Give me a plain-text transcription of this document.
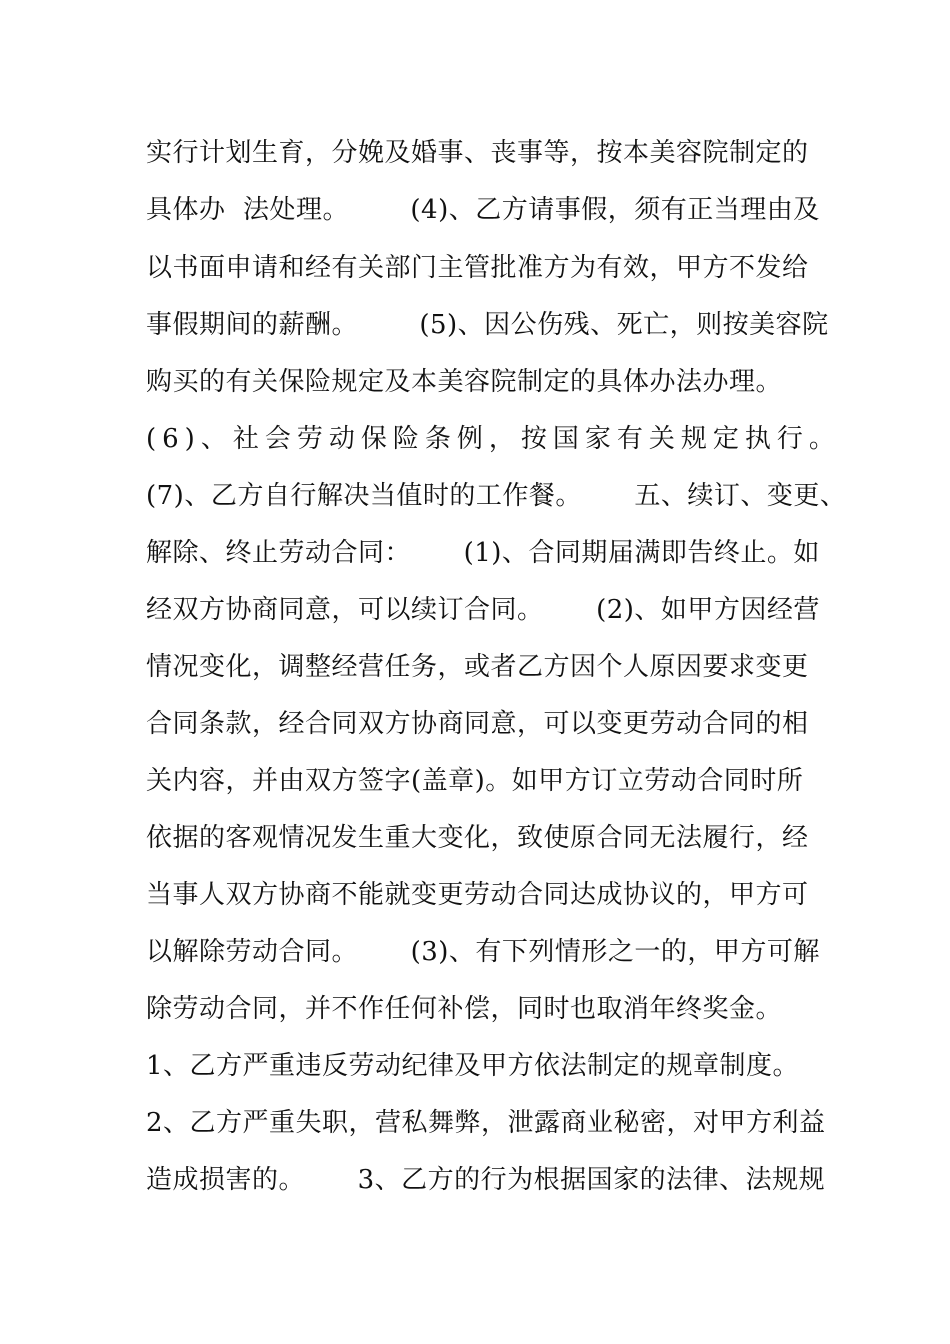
实行计划生育，分娩及婚事、丧事等，按本美容院制定的
具体办  法处理。       (4)、乙方请事假，须有正当理由及
以书面申请和经有关部门主管批准方为有效，甲方不发给
事假期间的薪酬。       (5)、因公伤残、死亡，则按美容院
购买的有关保险规定及本美容院制定的具体办法办理。
(6)、社会劳动保险条例，按国家有关规定执行。
(7)、乙方自行解决当值时的工作餐。      五、续订、变更、
解除、终止劳动合同：      (1)、合同期届满即告终止。如
经双方协商同意，可以续订合同。      (2)、如甲方因经营
情况变化，调整经营任务，或者乙方因个人原因要求变更
合同条款，经合同双方协商同意，可以变更劳动合同的相
关内容，并由双方签字(盖章)。如甲方订立劳动合同时所
依据的客观情况发生重大变化，致使原合同无法履行，经
当事人双方协商不能就变更劳动合同达成协议的，甲方可
以解除劳动合同。      (3)、有下列情形之一的，甲方可解
除劳动合同，并不作任何补偿，同时也取消年终奖金。
1、乙方严重违反劳动纪律及甲方依法制定的规章制度。
2、乙方严重失职，营私舞弊，泄露商业秘密，对甲方利益
造成损害的。      3、乙方的行为根据国家的法律、法规规
